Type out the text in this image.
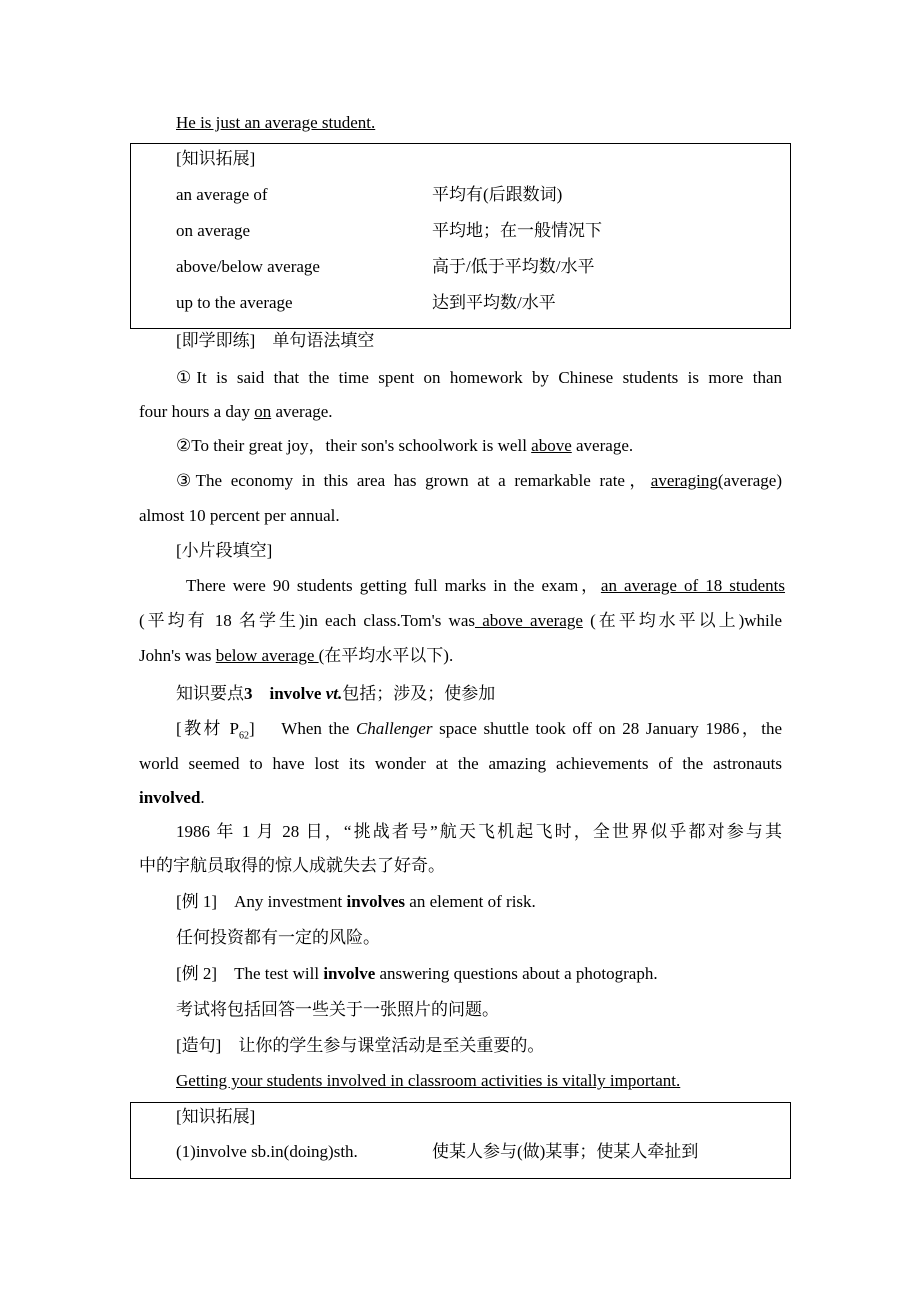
He is just an average student.
[知识拓展]
an average of	平均有(后跟数词)
on average	平均地；在一般情况下
above/below average	高于/低于平均数/水平
up to the average	达到平均数/水平
[即学即练] 单句语法填空
①It is said that the time spent on homework by Chinese students is more than
four hours a day on average.
②To their great joy，their son's schoolwork is well above average.
③The economy in this area has grown at a remarkable rate，averaging(average)
almost 10 percent per annual.
[小片段填空]
There were 90 students getting full marks in the exam，an average of 18 students
(平均有 18 名学生)in each class.Tom's was above average (在平均水平以上)while
John's was below average (在平均水平以下).
知识要点3 involve vt.包括；涉及；使参加
[教材 $P_{62}$] When the Challenger space shuttle took off on 28 January 1986，the
world seemed to have lost its wonder at the amazing achievements of the astronauts
involved.
1986 年 1 月 28 日，“挑战者号”航天飞机起飞时，全世界似乎都对参与其
中的宇航员取得的惊人成就失去了好奇。
[例 1] Any investment involves an element of risk.
任何投资都有一定的风险。
[例 2] The test will involve answering questions about a photograph.
考试将包括回答一些关于一张照片的问题。
[造句] 让你的学生参与课堂活动是至关重要的。
Getting your students involved in classroom activities is vitally important.
[知识拓展]
(1)involve sb.in(doing)sth.	使某人参与(做)某事；使某人牵扯到
